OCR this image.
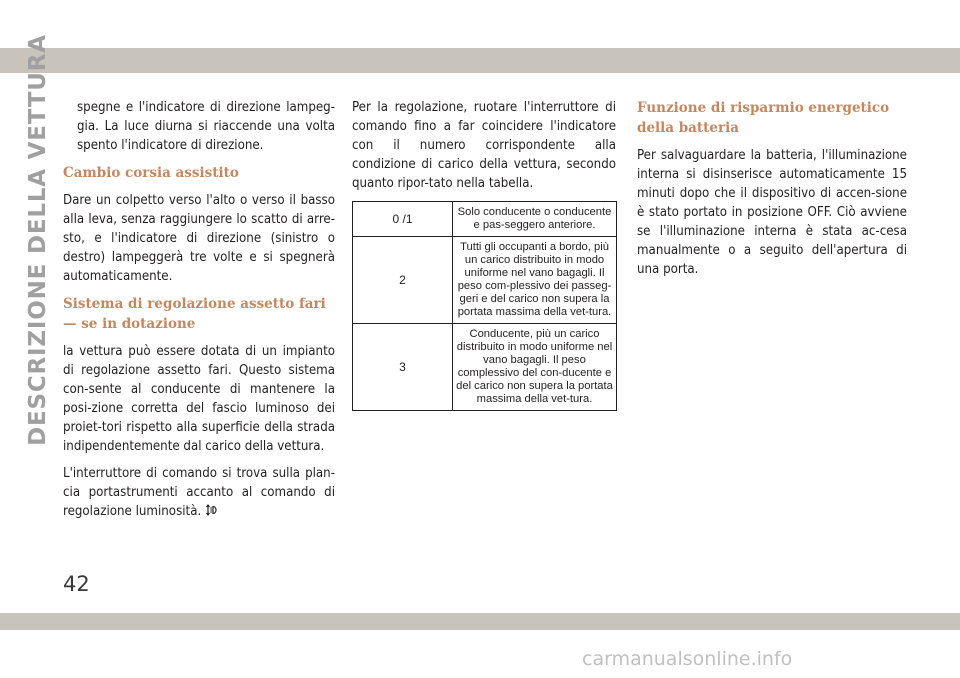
DESCRIZIONE DELLA VETTURA	spegne e l'indicatore di direzione lampeg-gia. La luce diurna si riaccende una volta spento l'indicatore di direzione.

Cambio corsia assistito

Dare un colpetto verso l'alto o verso il basso alla leva, senza raggiungere lo scatto di arre-sto, e l'indicatore di direzione (sinistro o destro) lampeggerà tre volte e si spegnerà automaticamente.

Sistema di regolazione assetto fari — se in dotazione

la vettura può essere dotata di un impianto di regolazione assetto fari. Questo sistema con-sente al conducente di mantenere la posi-zione corretta del fascio luminoso dei proiet-tori rispetto alla superficie della strada indipendentemente dal carico della vettura.

L'interruttore di comando si trova sulla plan-cia portastrumenti accanto al comando di regolazione luminosità.

Per la regolazione, ruotare l'interruttore di comando fino a far coincidere l'indicatore con il numero corrispondente alla condizione di carico della vettura, secondo quanto ripor-tato nella tabella.

0 /1	Solo conducente o conducente e pas-seggero anteriore.
2	Tutti gli occupanti a bordo, più un carico distribuito in modo uniforme nel vano bagagli. Il peso com-plessivo dei passeg-geri e del carico non supera la portata massima della vet-tura.
3	Conducente, più un carico distribuito in modo uniforme nel vano bagagli. Il peso complessivo del con-ducente e del carico non supera la portata massima della vet-tura.
Funzione di risparmio energetico della batteria

Per salvaguardare la batteria, l'illuminazione interna si disinserisce automaticamente 15 minuti dopo che il dispositivo di accen-sione è stato portato in posizione OFF. Ciò avviene se l'illuminazione interna è stata ac-cesa manualmente o a seguito dell'apertura di una porta.

42
carmanualsonline.info
